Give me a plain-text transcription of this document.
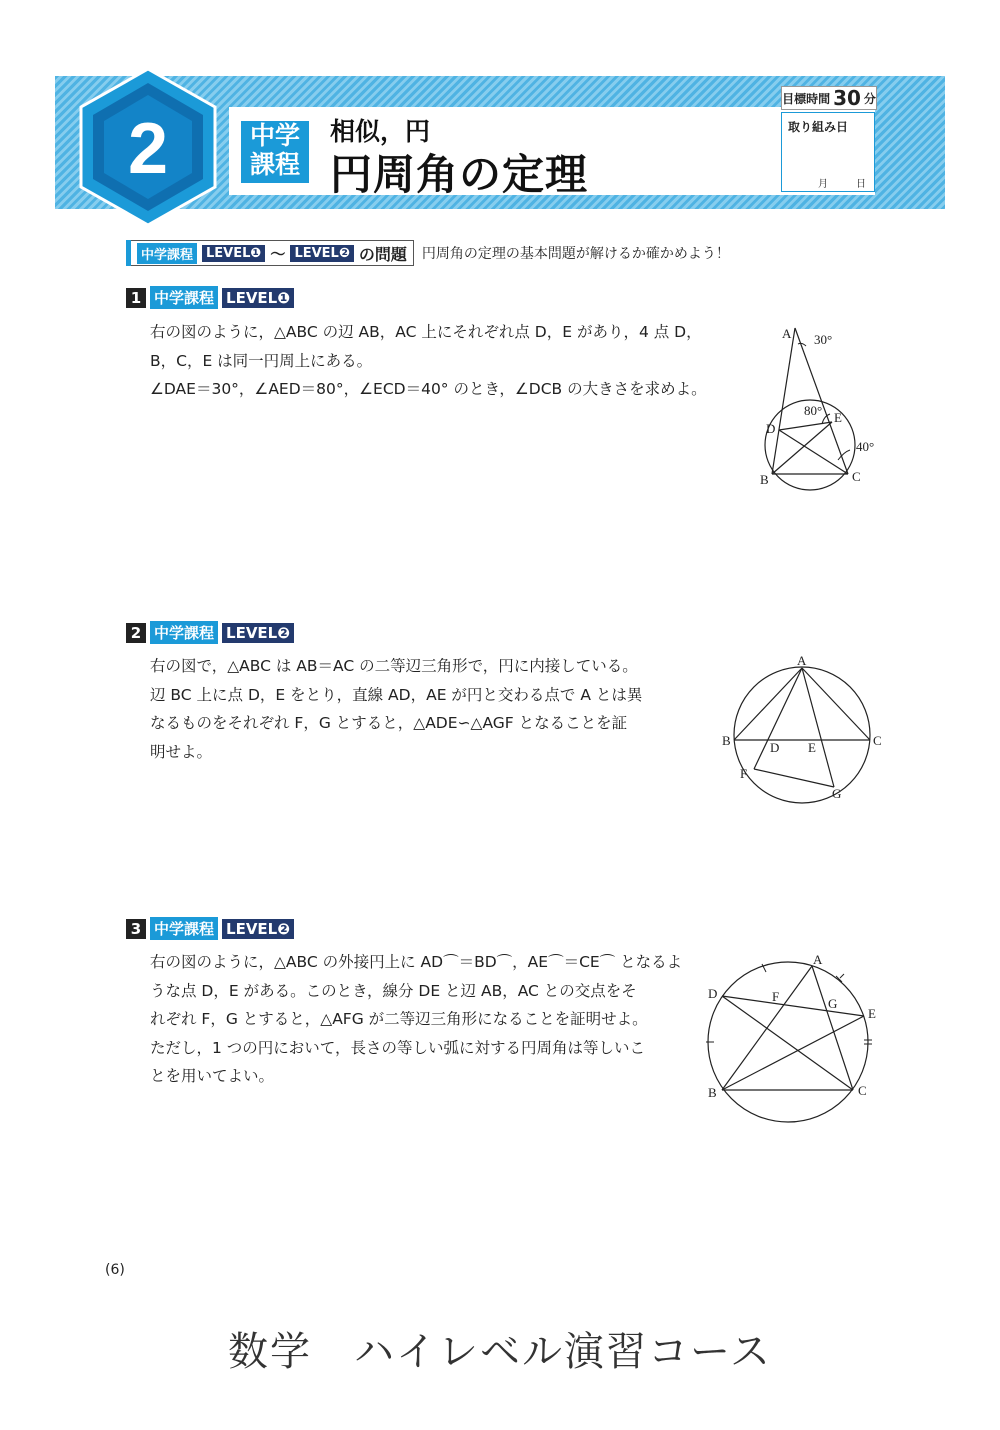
2	中学
課程
相似，円
円周角の定理
目標時間 30 分
取り組み日
月	日
中学課程	LEVEL❶ ～ LEVEL❷ の問題 円周角の定理の基本問題が解けるか確かめよう！
1 中学課程 LEVEL❶
右の図のように，△ABC の辺 AB，AC 上にそれぞれ点 D，E があり，4 点 D，
B，C，E は同一円周上にある。
∠DAE＝30°，∠AED＝80°，∠ECD＝40° のとき，∠DCB の大きさを求めよ。
A 30°
80° E
D
40°
B	C
2 中学課程 LEVEL❷
右の図で，△ABC は AB＝AC の二等辺三角形で，円に内接している。
辺 BC 上に点 D，E をとり，直線 AD，AE が円と交わる点で A とは異
なるものをそれぞれ F，G とすると，△ADE∽△AGF となることを証
明せよ。
A
B	C
D E
F
G
3 中学課程 LEVEL❷
右の図のように，△ABC の外接円上に AD⌒＝BD⌒，AE⌒＝CE⌒ となるよ
うな点 D，E がある。このとき，線分 DE と辺 AB，AC との交点をそ
れぞれ F，G とすると，△AFG が二等辺三角形になることを証明せよ。
ただし，1 つの円において，長さの等しい弧に対する円周角は等しいこ
とを用いてよい。
A
D	F	G
E
B	C
(6)
数学　ハイレベル演習コース
